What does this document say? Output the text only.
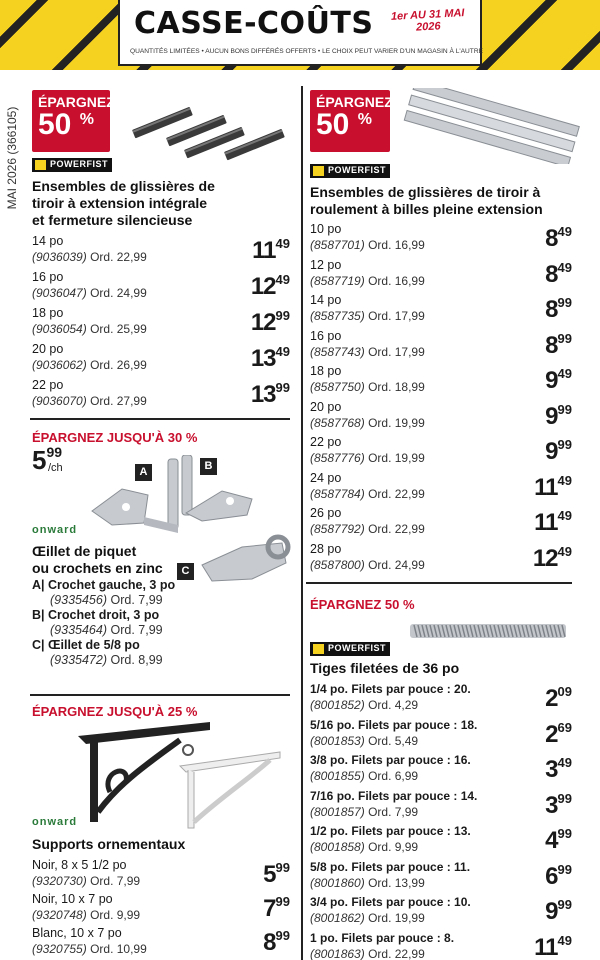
CASSE-COÛTS	1er AU 31 MAI
2026
QUANTITÉS LIMITÉES • AUCUN BONS DIFFÉRÉS OFFERTS • LE CHOIX PEUT VARIER D'UN MAGASIN À L'AUTRE
MAI 2026 (366105)
ÉPARGNEZ
50 %
POWERFIST
Ensembles de glissières de tiroir à extension intégrale et fermeture silencieuse
14 po
(9036039) Ord. 22,99	$11^{49}$
16 po
(9036047) Ord. 24,99	$12^{49}$
18 po
(9036054) Ord. 25,99	$12^{99}$
20 po
(9036062) Ord. 26,99	$13^{49}$
22 po
(9036070) Ord. 27,99	$13^{99}$
ÉPARGNEZ JUSQU'À 30 %
$5^{99}$
/ch	A	B
C
onward
Œillet de piquet
ou crochets en zinc
A| Crochet gauche, 3 po
(9335456) Ord. 7,99
B| Crochet droit, 3 po
(9335464) Ord. 7,99
C| Œillet de 5/8 po
(9335472) Ord. 8,99
ÉPARGNEZ JUSQU'À 25 %
onward
Supports ornementaux
Noir, 8 x 5 1/2 po
(9320730) Ord. 7,99	$5^{99}$
Noir, 10 x 7 po
(9320748) Ord. 9,99	$7^{99}$
Blanc, 10 x 7 po
(9320755) Ord. 10,99	$8^{99}$
ÉPARGNEZ
50 %
POWERFIST
Ensembles de glissières de tiroir à roulement à billes pleine extension
10 po
(8587701) Ord. 16,99	$8^{49}$
12 po
(8587719) Ord. 16,99	$8^{49}$
14 po
(8587735) Ord. 17,99	$8^{99}$
16 po
(8587743) Ord. 17,99	$8^{99}$
18 po
(8587750) Ord. 18,99	$9^{49}$
20 po
(8587768) Ord. 19,99	$9^{99}$
22 po
(8587776) Ord. 19,99	$9^{99}$
24 po
(8587784) Ord. 22,99	$11^{49}$
26 po
(8587792) Ord. 22,99	$11^{49}$
28 po
(8587800) Ord. 24,99	$12^{49}$
ÉPARGNEZ 50 %
POWERFIST
Tiges filetées de 36 po
1/4 po. Filets par pouce : 20.
(8001852) Ord. 4,29	$2^{09}$
5/16 po. Filets par pouce : 18.
(8001853) Ord. 5,49	$2^{69}$
3/8 po. Filets par pouce : 16.
(8001855) Ord. 6,99	$3^{49}$
7/16 po. Filets par pouce : 14.
(8001857) Ord. 7,99	$3^{99}$
1/2 po. Filets par pouce : 13.
(8001858) Ord. 9,99	$4^{99}$
5/8 po. Filets par pouce : 11.
(8001860) Ord. 13,99	$6^{99}$
3/4 po. Filets par pouce : 10.
(8001862) Ord. 19,99	$9^{99}$
1 po. Filets par pouce : 8.
(8001863) Ord. 22,99	$11^{49}$
